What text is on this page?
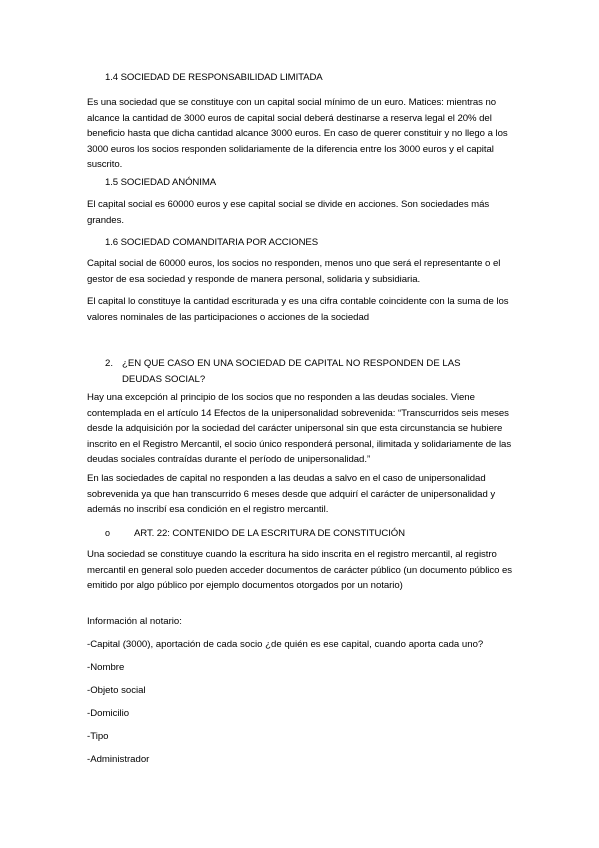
1.4 SOCIEDAD DE RESPONSABILIDAD LIMITADA

Es una sociedad que se constituye con un capital social mínimo de un euro. Matices: mientras no alcance la cantidad de 3000 euros de capital social deberá destinarse a reserva legal el 20% del beneficio hasta que dicha cantidad alcance 3000 euros. En caso de querer constituir y no llego a los 3000 euros los socios responden solidariamente de la diferencia entre los 3000 euros y el capital suscrito.

1.5 SOCIEDAD ANÓNIMA

El capital social es 60000 euros y ese capital social se divide en acciones. Son sociedades más grandes.

1.6 SOCIEDAD COMANDITARIA POR ACCIONES

Capital social de 60000 euros, los socios no responden, menos uno que será el representante o el gestor de esa sociedad y responde de manera personal, solidaria y subsidiaria.

El capital lo constituye la cantidad escriturada y es una cifra contable coincidente con la suma de los valores nominales de las participaciones o acciones de la sociedad

2. ¿EN QUE CASO EN UNA SOCIEDAD DE CAPITAL NO RESPONDEN DE LAS DEUDAS SOCIAL?

Hay una excepción al principio de los socios que no responden a las deudas sociales. Viene contemplada en el artículo 14 Efectos de la unipersonalidad sobrevenida: “Transcurridos seis meses desde la adquisición por la sociedad del carácter unipersonal sin que esta circunstancia se hubiere inscrito en el Registro Mercantil, el socio único responderá personal, ilimitada y solidariamente de las deudas sociales contraídas durante el período de unipersonalidad.”

En las sociedades de capital no responden a las deudas a salvo en el caso de unipersonalidad sobrevenida ya que han transcurrido 6 meses desde que adquirí el carácter de unipersonalidad y además no inscribí esa condición en el registro mercantil.

o ART. 22: CONTENIDO DE LA ESCRITURA DE CONSTITUCIÓN

Una sociedad se constituye cuando la escritura ha sido inscrita en el registro mercantil, al registro mercantil en general solo pueden acceder documentos de carácter público (un documento público es emitido por algo público por ejemplo documentos otorgados por un notario)

Información al notario:
-Capital (3000), aportación de cada socio ¿de quién es ese capital, cuando aporta cada uno?
-Nombre
-Objeto social
-Domicilio
-Tipo
-Administrador
